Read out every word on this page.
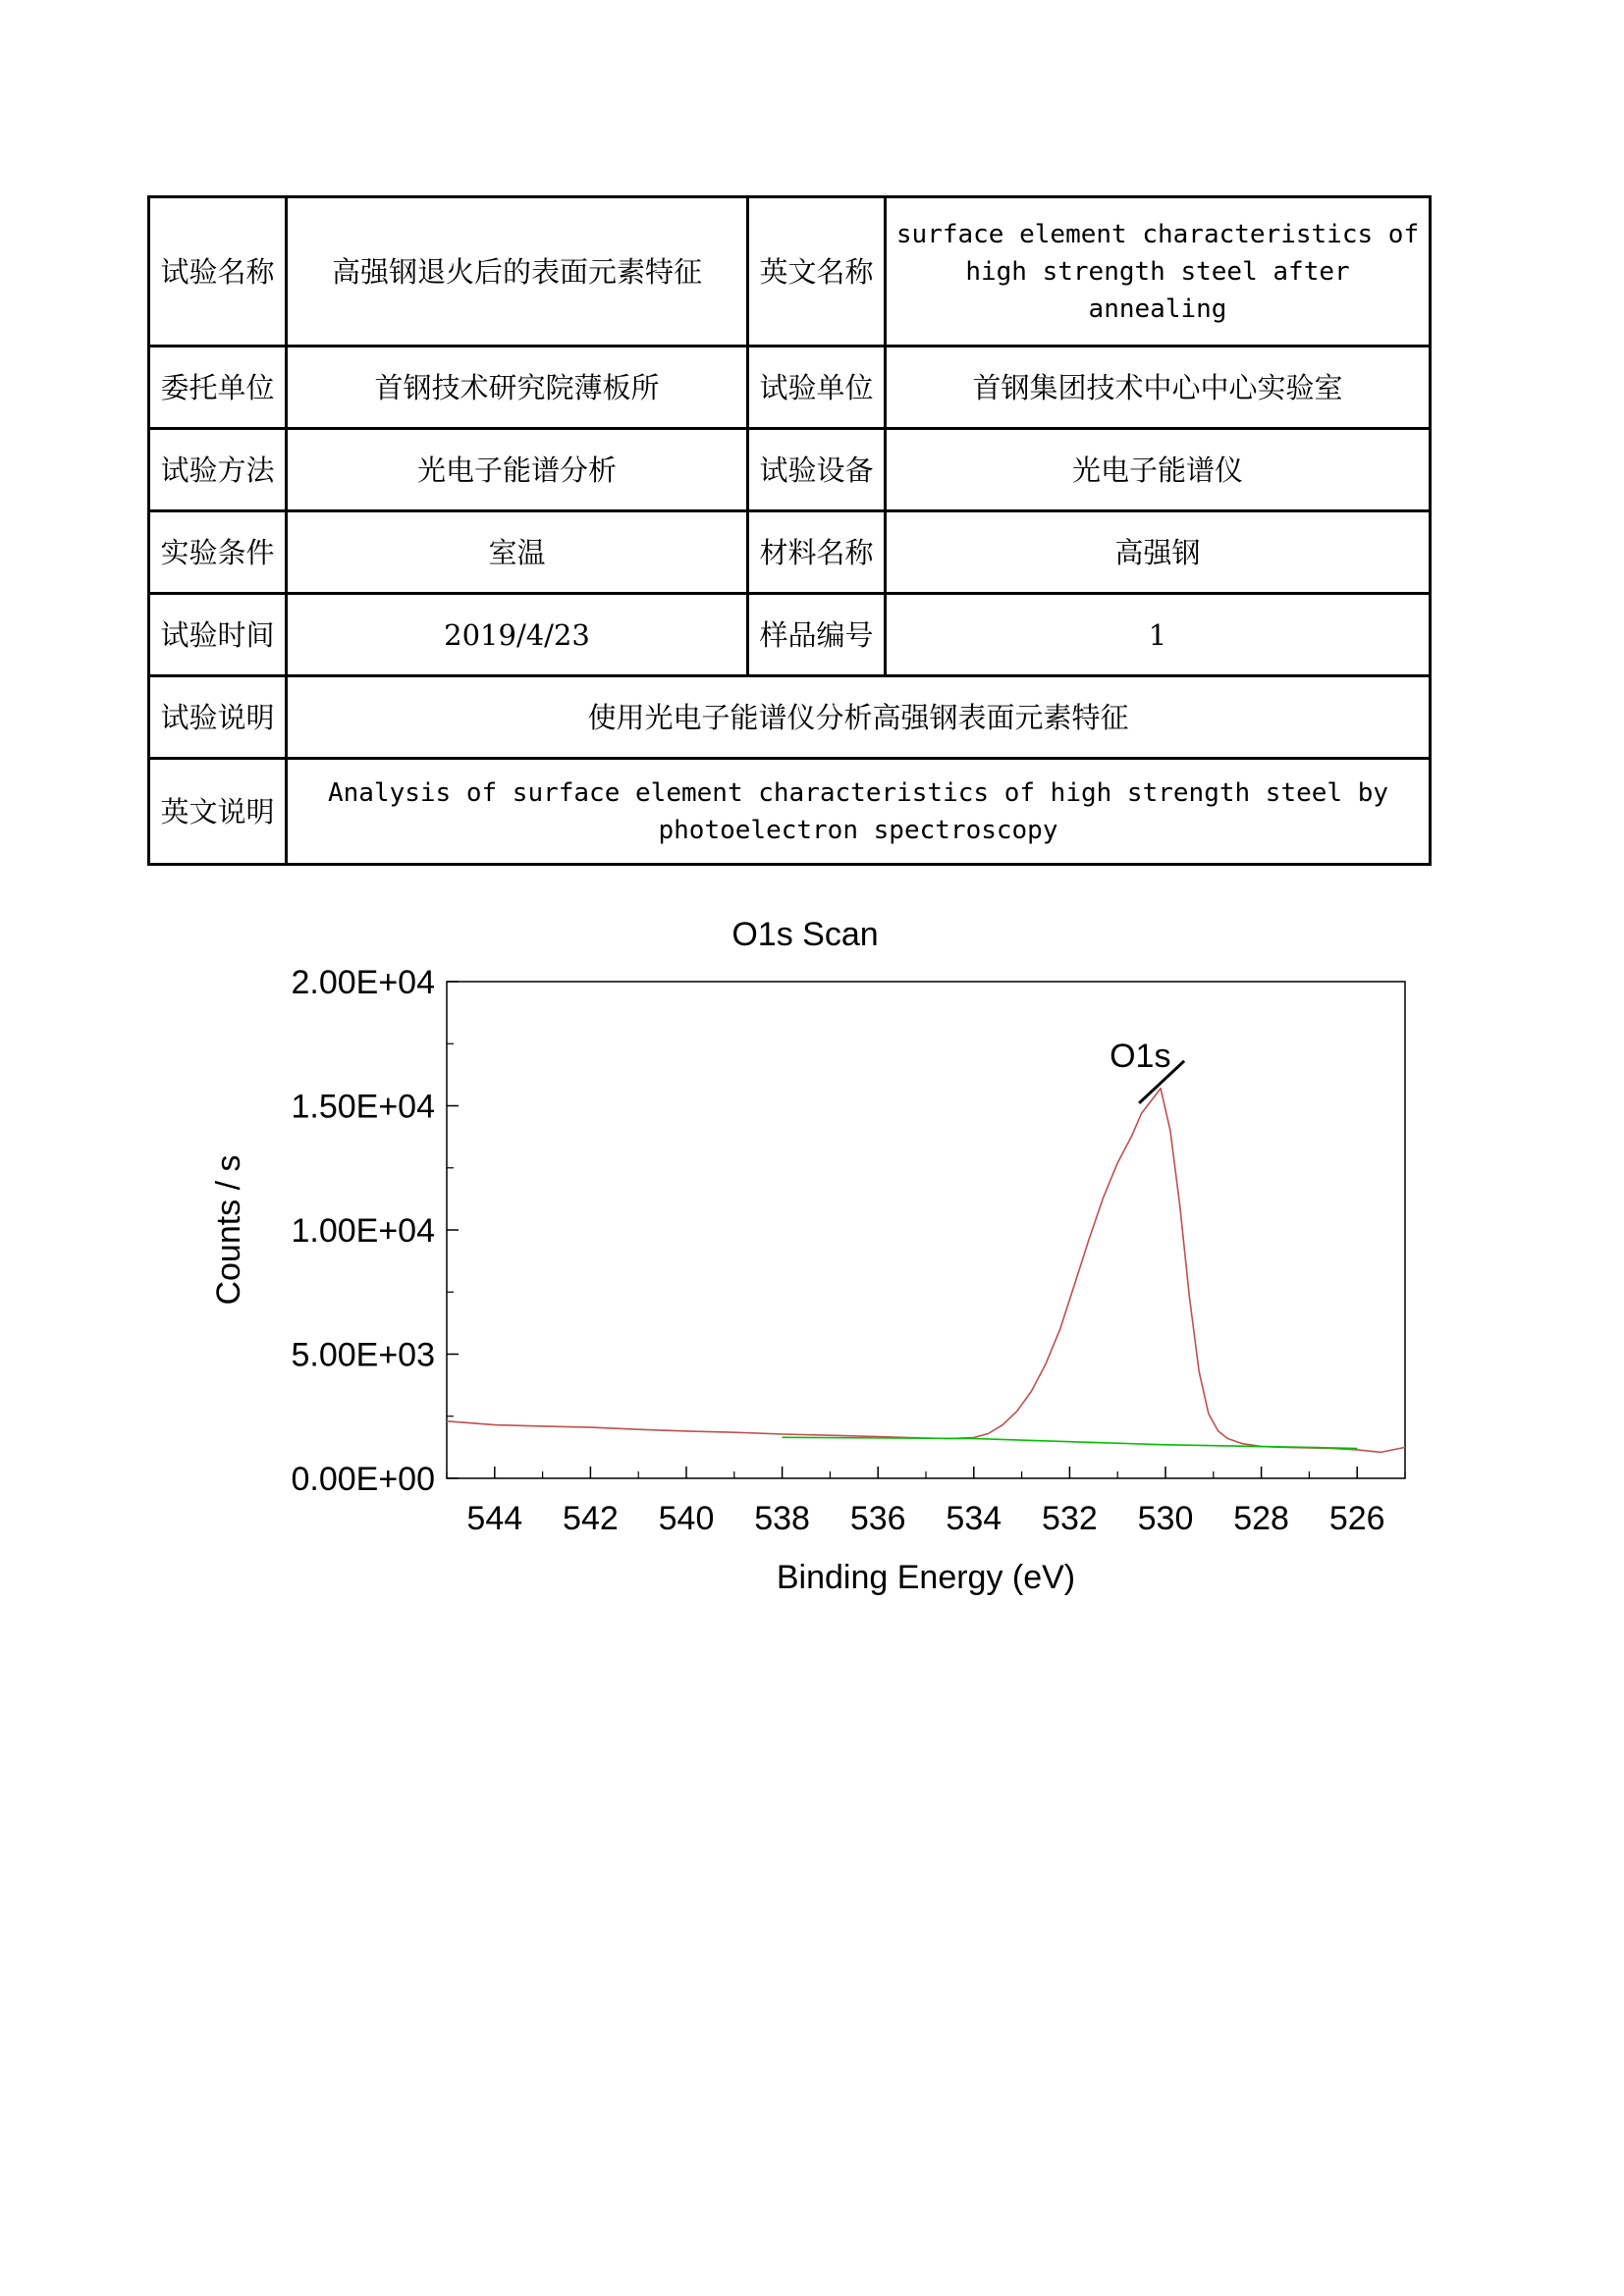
试验名称	高强钢退火后的表面元素特征	英文名称	surface element characteristics of high strength steel after annealing
委托单位	首钢技术研究院薄板所	试验单位	首钢集团技术中心中心实验室
试验方法	光电子能谱分析	试验设备	光电子能谱仪
实验条件	室温	材料名称	高强钢
试验时间	2019/4/23	样品编号	1
试验说明	使用光电子能谱仪分析高强钢表面元素特征		
英文说明	Analysis of surface element characteristics of high strength steel by photoelectron spectroscopy		
O1s Scan
0.00E+00
5.00E+03
1.00E+04
1.50E+04
2.00E+04
544 542 540 538 536 534 532 530 528 526
O1s
Binding Energy (eV)
Counts / s
